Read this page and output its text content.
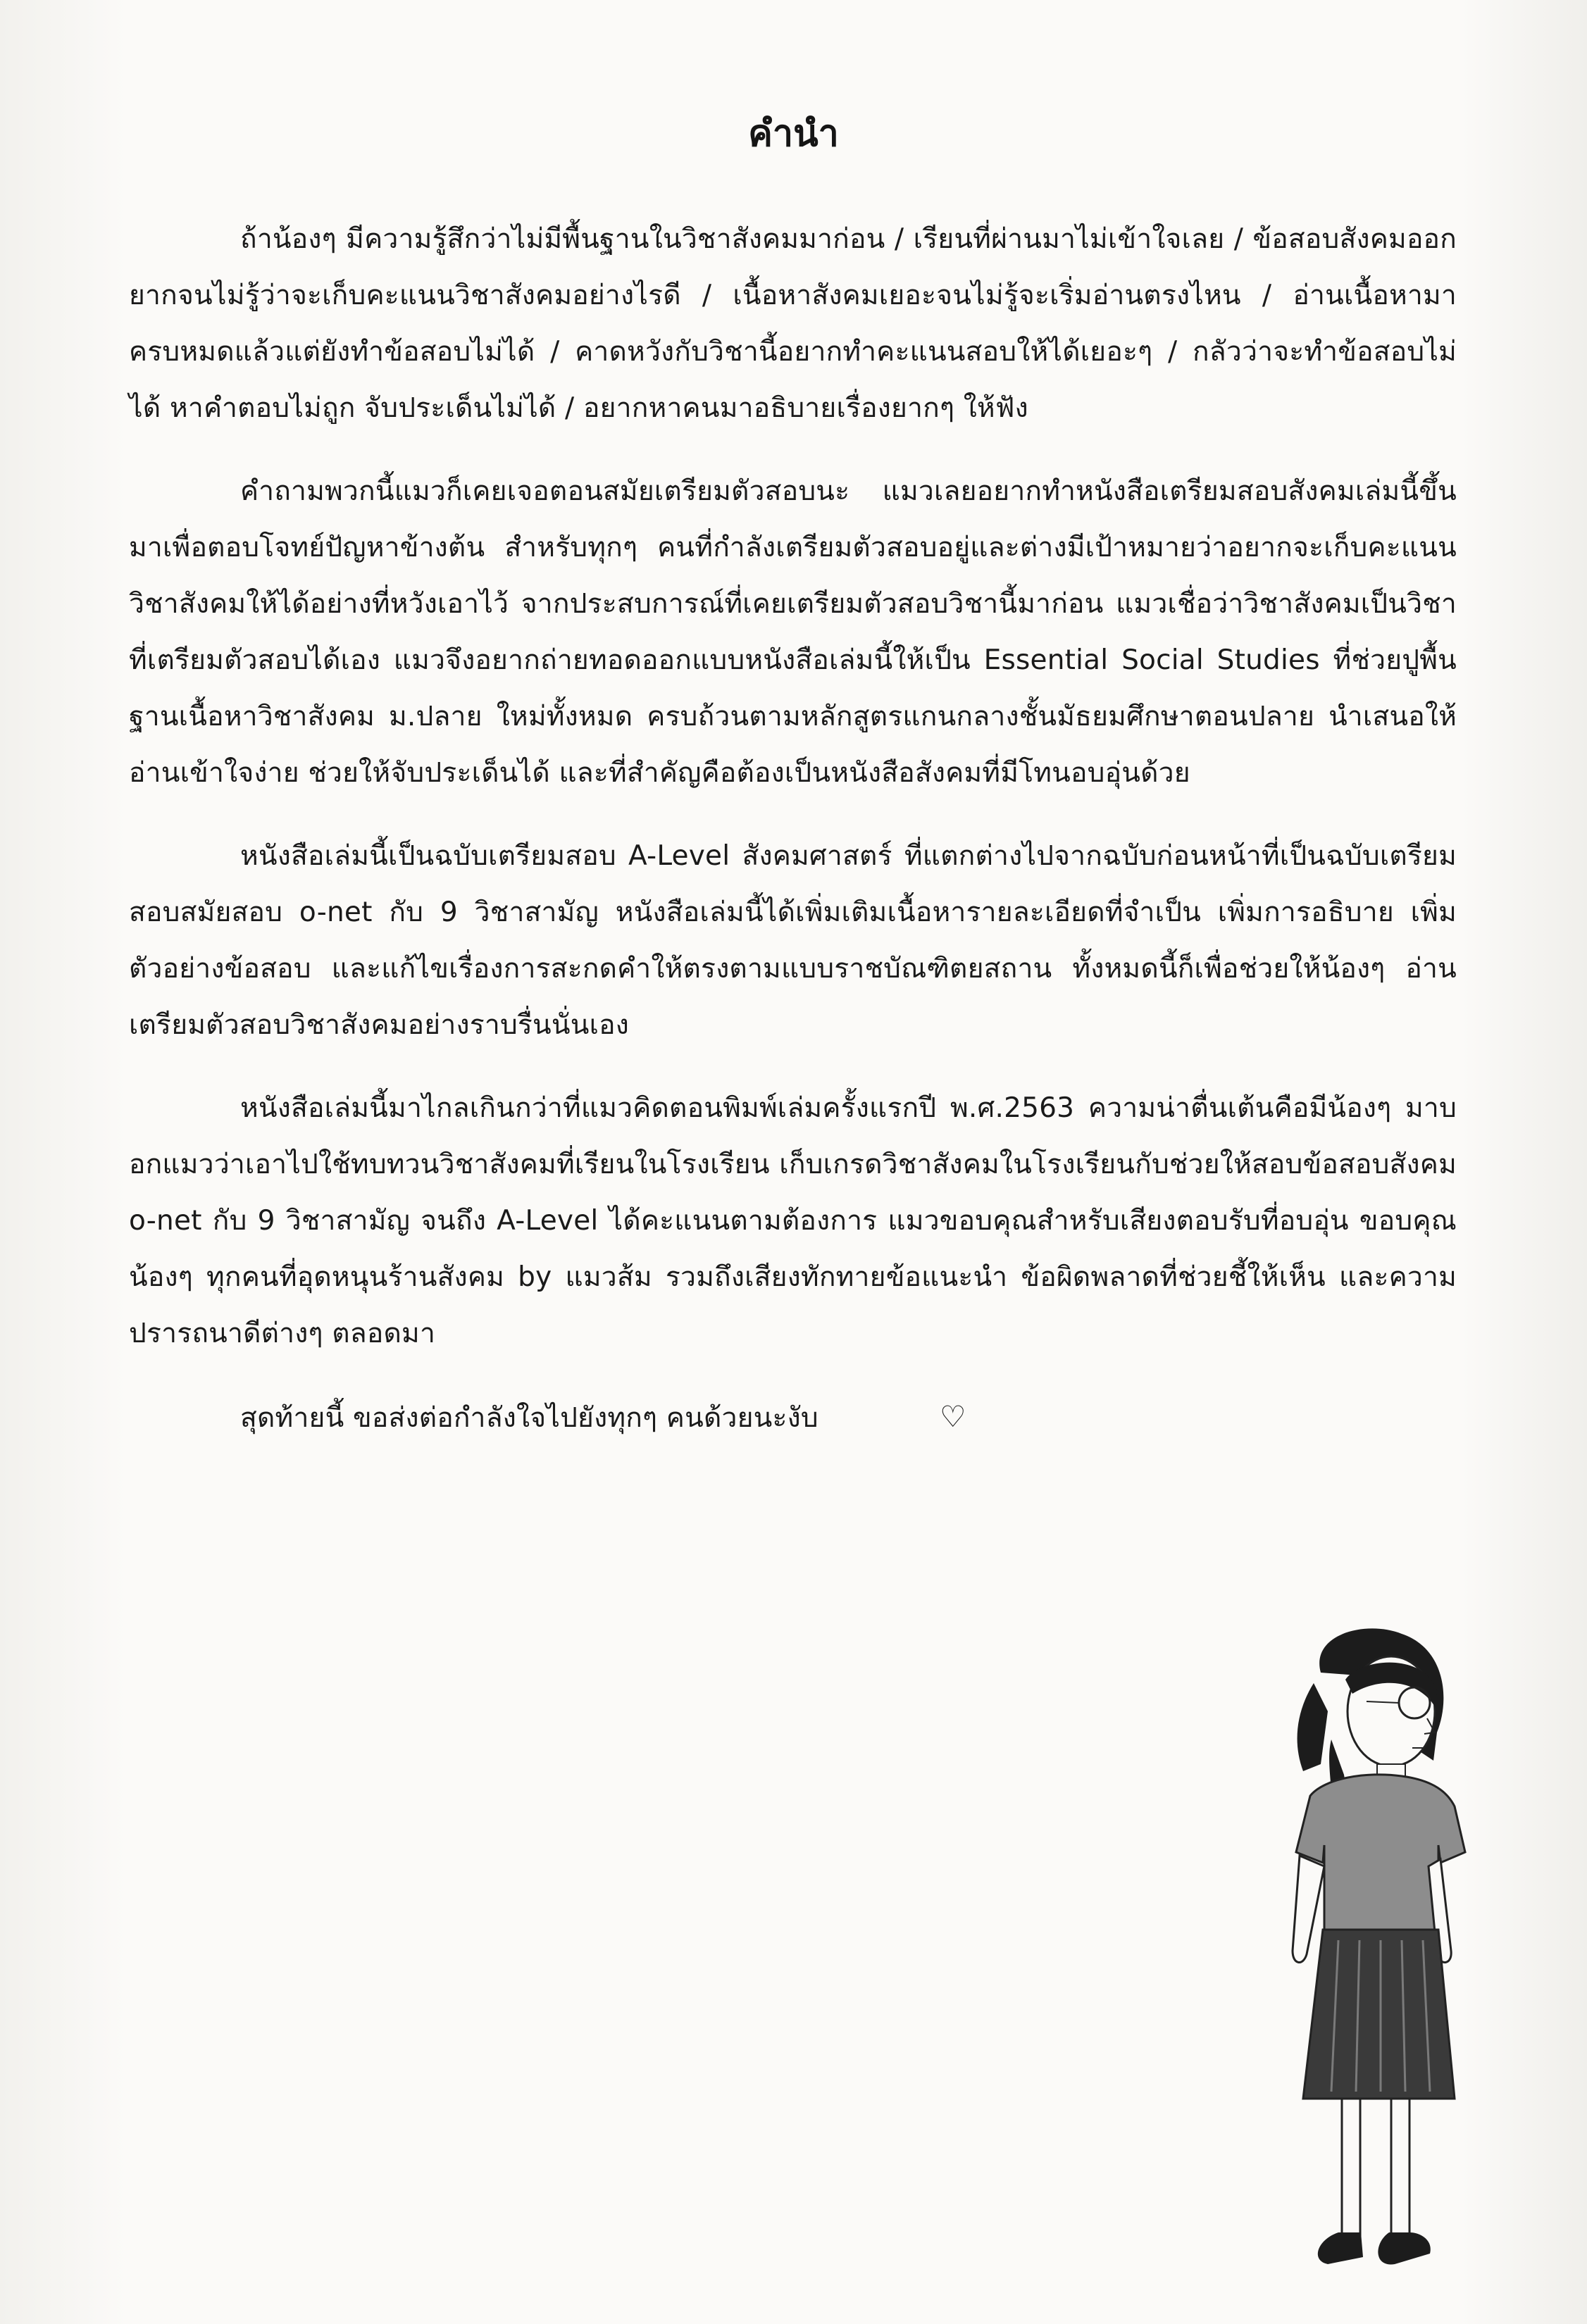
คำนำ

ถ้าน้องๆ มีความรู้สึกว่าไม่มีพื้นฐานในวิชาสังคมมาก่อน / เรียนที่ผ่านมาไม่เข้าใจเลย / ข้อสอบสังคมออกยากจนไม่รู้ว่าจะเก็บคะแนนวิชาสังคมอย่างไรดี / เนื้อหาสังคมเยอะจนไม่รู้จะเริ่มอ่านตรงไหน / อ่านเนื้อหามาครบหมดแล้วแต่ยังทำข้อสอบไม่ได้ / คาดหวังกับวิชานี้อยากทำคะแนนสอบให้ได้เยอะๆ / กลัวว่าจะทำข้อสอบไม่ได้ หาคำตอบไม่ถูก จับประเด็นไม่ได้ / อยากหาคนมาอธิบายเรื่องยากๆ ให้ฟัง

คำถามพวกนี้แมวก็เคยเจอตอนสมัยเตรียมตัวสอบนะ แมวเลยอยากทำหนังสือเตรียมสอบสังคมเล่มนี้ขึ้นมาเพื่อตอบโจทย์ปัญหาข้างต้น สำหรับทุกๆ คนที่กำลังเตรียมตัวสอบอยู่และต่างมีเป้าหมายว่าอยากจะเก็บคะแนนวิชาสังคมให้ได้อย่างที่หวังเอาไว้ จากประสบการณ์ที่เคยเตรียมตัวสอบวิชานี้มาก่อน แมวเชื่อว่าวิชาสังคมเป็นวิชาที่เตรียมตัวสอบได้เอง แมวจึงอยากถ่ายทอดออกแบบหนังสือเล่มนี้ให้เป็น Essential Social Studies ที่ช่วยปูพื้นฐานเนื้อหาวิชาสังคม ม.ปลาย ใหม่ทั้งหมด ครบถ้วนตามหลักสูตรแกนกลางชั้นมัธยมศึกษาตอนปลาย นำเสนอให้อ่านเข้าใจง่าย ช่วยให้จับประเด็นได้ และที่สำคัญคือต้องเป็นหนังสือสังคมที่มีโทนอบอุ่นด้วย

หนังสือเล่มนี้เป็นฉบับเตรียมสอบ A-Level สังคมศาสตร์ ที่แตกต่างไปจากฉบับก่อนหน้าที่เป็นฉบับเตรียมสอบสมัยสอบ o-net กับ 9 วิชาสามัญ หนังสือเล่มนี้ได้เพิ่มเติมเนื้อหารายละเอียดที่จำเป็น เพิ่มการอธิบาย เพิ่มตัวอย่างข้อสอบ และแก้ไขเรื่องการสะกดคำให้ตรงตามแบบราชบัณฑิตยสถาน ทั้งหมดนี้ก็เพื่อช่วยให้น้องๆ อ่านเตรียมตัวสอบวิชาสังคมอย่างราบรื่นนั่นเอง

หนังสือเล่มนี้มาไกลเกินกว่าที่แมวคิดตอนพิมพ์เล่มครั้งแรกปี พ.ศ.2563 ความน่าตื่นเต้นคือมีน้องๆ มาบอกแมวว่าเอาไปใช้ทบทวนวิชาสังคมที่เรียนในโรงเรียน เก็บเกรดวิชาสังคมในโรงเรียนกับช่วยให้สอบข้อสอบสังคม o-net กับ 9 วิชาสามัญ จนถึง A-Level ได้คะแนนตามต้องการ แมวขอบคุณสำหรับเสียงตอบรับที่อบอุ่น ขอบคุณน้องๆ ทุกคนที่อุดหนุนร้านสังคม by แมวส้ม รวมถึงเสียงทักทายข้อแนะนำ ข้อผิดพลาดที่ช่วยชี้ให้เห็น และความปรารถนาดีต่างๆ ตลอดมา

สุดท้ายนี้ ขอส่งต่อกำลังใจไปยังทุกๆ คนด้วยนะงับ	♡
